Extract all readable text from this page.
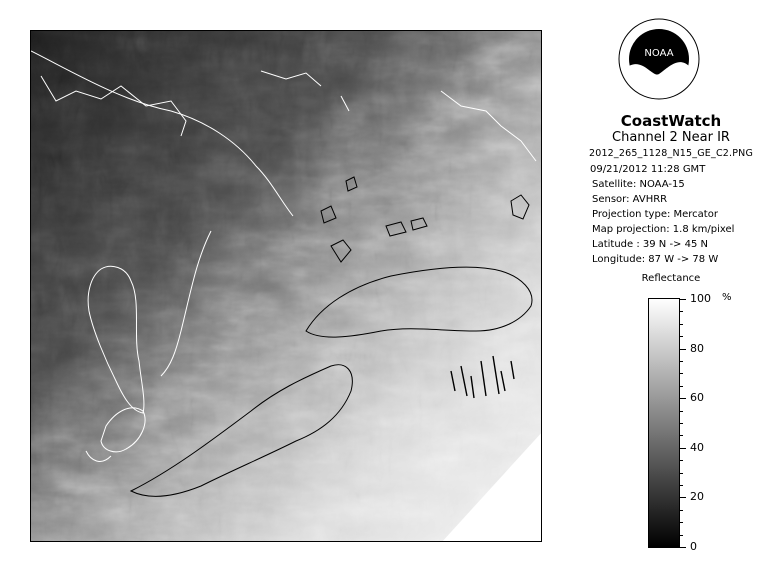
NOAA
CoastWatch
Channel 2 Near IR
2012_265_1128_N15_GE_C2.PNG
09/21/2012 11:28 GMT
Satellite: NOAA-15
Sensor: AVHRR
Projection type: Mercator
Map projection: 1.8 km/pixel
Latitude : 39 N -> 45 N
Longitude: 87 W -> 78 W
Reflectance
%
100
80
60
40
20
0
